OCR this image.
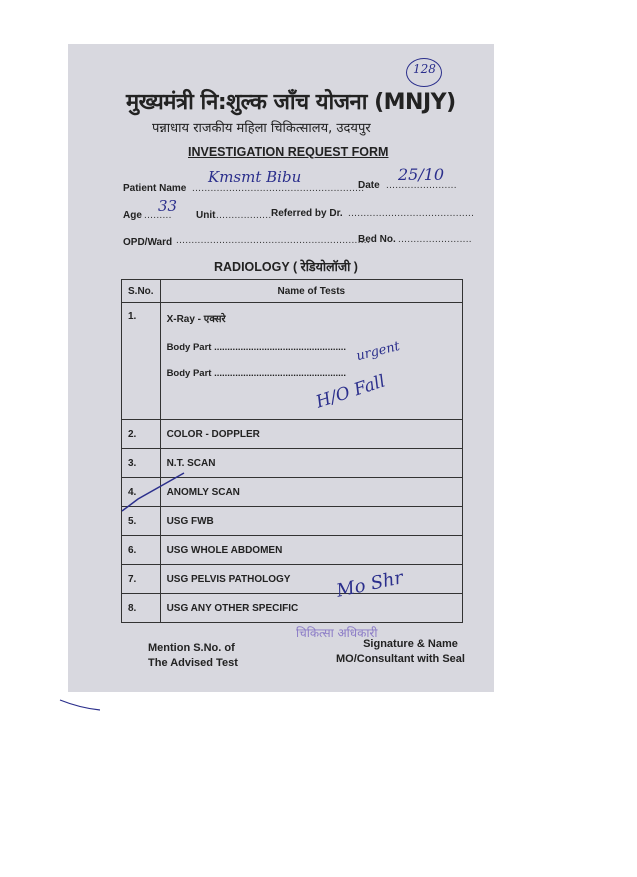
128
मुख्यमंत्री नि:शुल्क जाँच योजना (MNJY)
पन्नाधाय राजकीय महिला चिकित्सालय, उदयपुर
INVESTIGATION REQUEST FORM
Patient Name ........................................................
Kmsmt Bibu	Date .......................
25/10
Age .........
33
Unit .................. Referred by Dr. .........................................
OPD/Ward ...............................................................
Bed No. ........................
RADIOLOGY ( रेडियोलॉजी )
S.No.	Name of Tests
1.	X-Ray - एक्सरे
Body Part ..................................................
Body Part ..................................................

2.	COLOR - DOPPLER
3.	N.T. SCAN
4.	ANOMLY SCAN
5.	USG FWB
6.	USG WHOLE ABDOMEN
7.	USG PELVIS PATHOLOGY
8.	USG ANY OTHER SPECIFIC
urgent
H/O Fall
Mo Shr
चिकित्सा अधिकारी
Mention S.No. of
The Advised Test
Signature & Name
MO/Consultant with Seal
